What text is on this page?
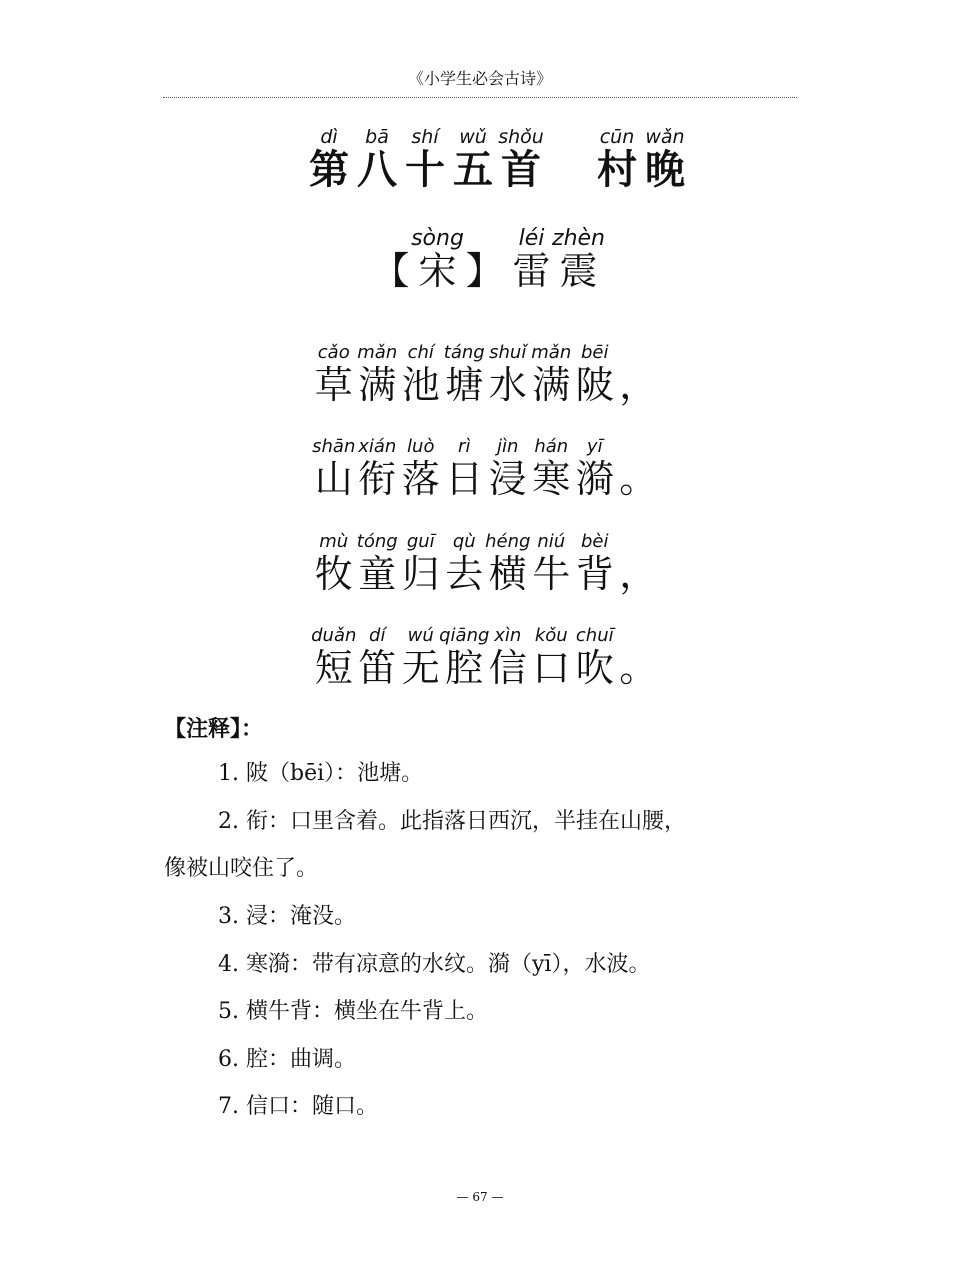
《小学生必会古诗》
dì
第
bā
八
shí
十
wǔ
五
shǒu
首
cūn
村
wǎn
晚
【
sòng
宋 】
léi
雷
zhèn
震
cǎo
草
mǎn
满
chí
池
táng
塘
shuǐ
水
mǎn
满
bēi
陂 ，
shān
山
xián
衔
luò
落
rì
日
jìn
浸
hán
寒
yī
漪 。
mù
牧
tóng
童
guī
归
qù
去
héng
横
niú
牛
bèi
背 ，
duǎn
短
dí
笛
wú
无
qiāng
腔
xìn
信
kǒu
口
chuī
吹 。
【注释】：
1. 陂（bēi）：池塘。
2. 衔：口里含着。此指落日西沉，半挂在山腰，
像被山咬住了。
3. 浸：淹没。
4. 寒漪：带有凉意的水纹。漪（yī），水波。
5. 横牛背：横坐在牛背上。
6. 腔：曲调。
7. 信口：随口。
— 67 —
